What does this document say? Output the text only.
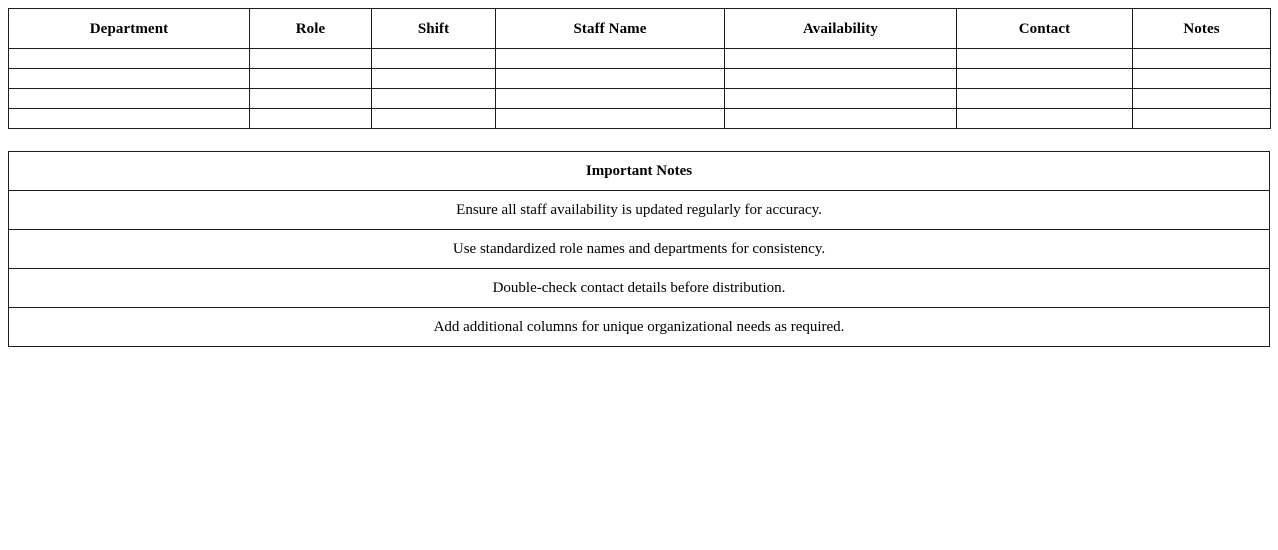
Department	Role	Shift	Staff Name	Availability	Contact	Notes

Important Notes
Ensure all staff availability is updated regularly for accuracy.
Use standardized role names and departments for consistency.
Double-check contact details before distribution.
Add additional columns for unique organizational needs as required.
